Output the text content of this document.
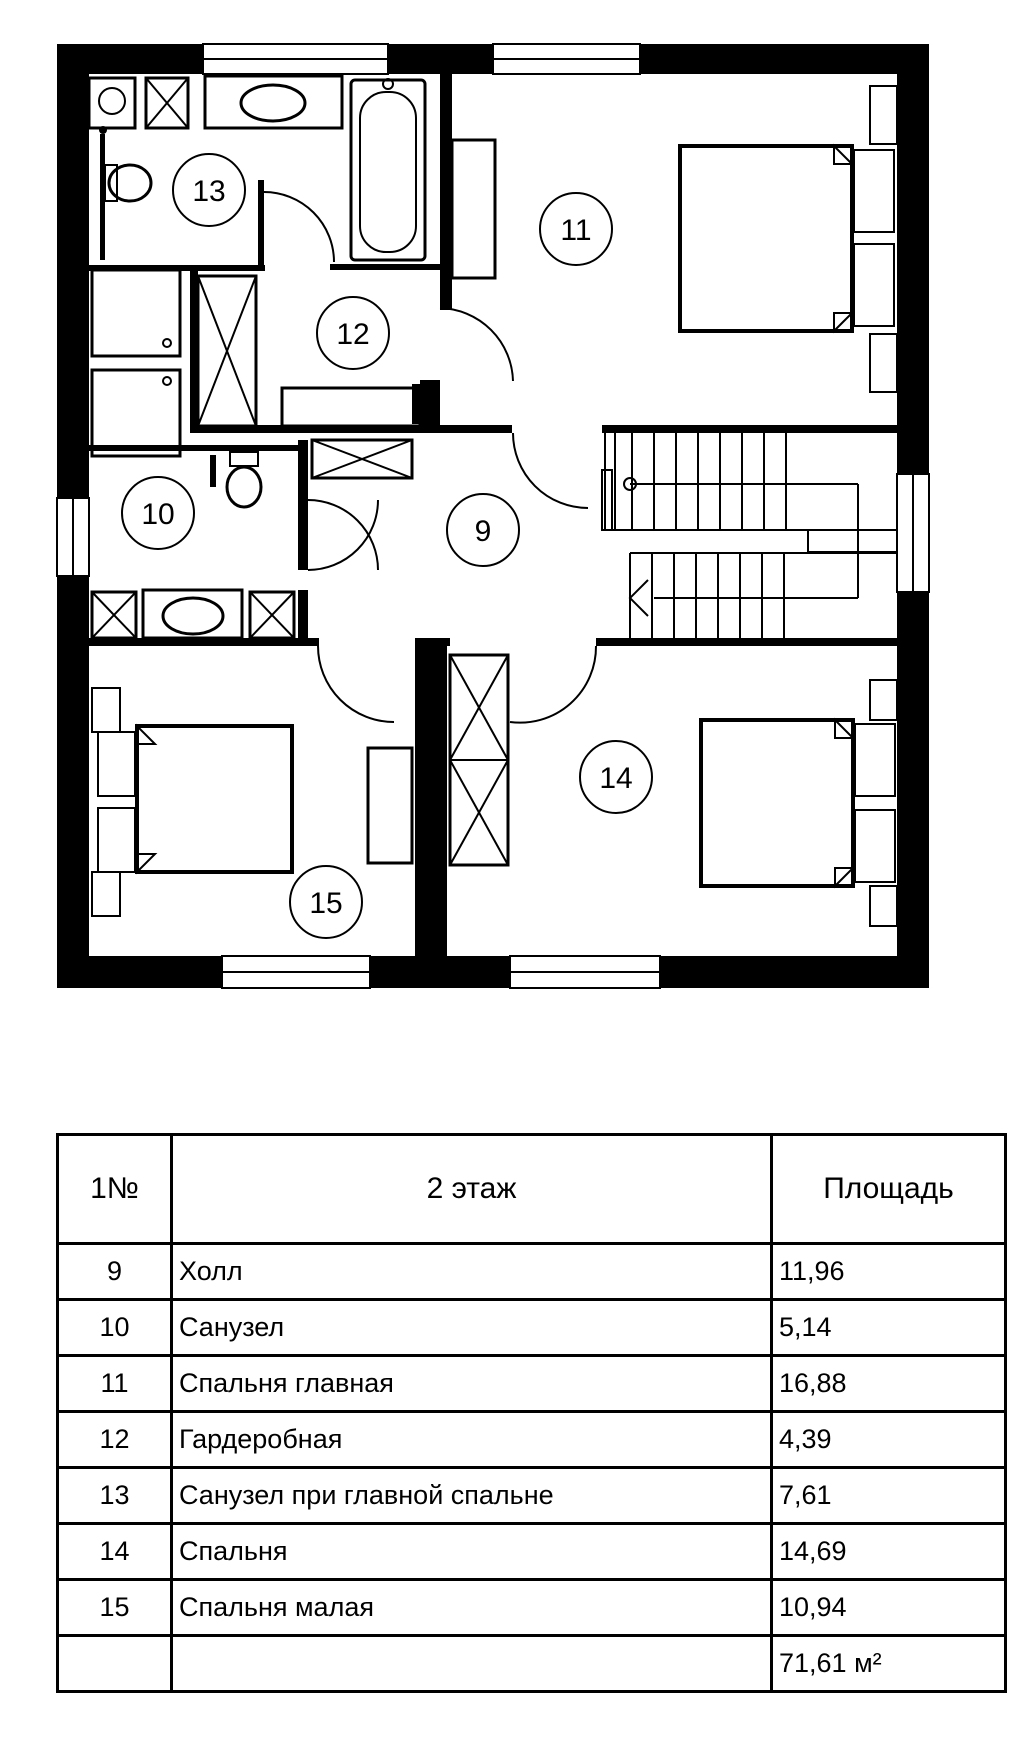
13
11
12
10
9
14
15
1№	2 этаж	Площадь
9	Холл	11,96
10	Санузел	5,14
11	Спальня главная	16,88
12	Гардеробная	4,39
13	Санузел при главной спальне	7,61
14	Спальня	14,69
15	Спальня малая	10,94
		71,61 м²
